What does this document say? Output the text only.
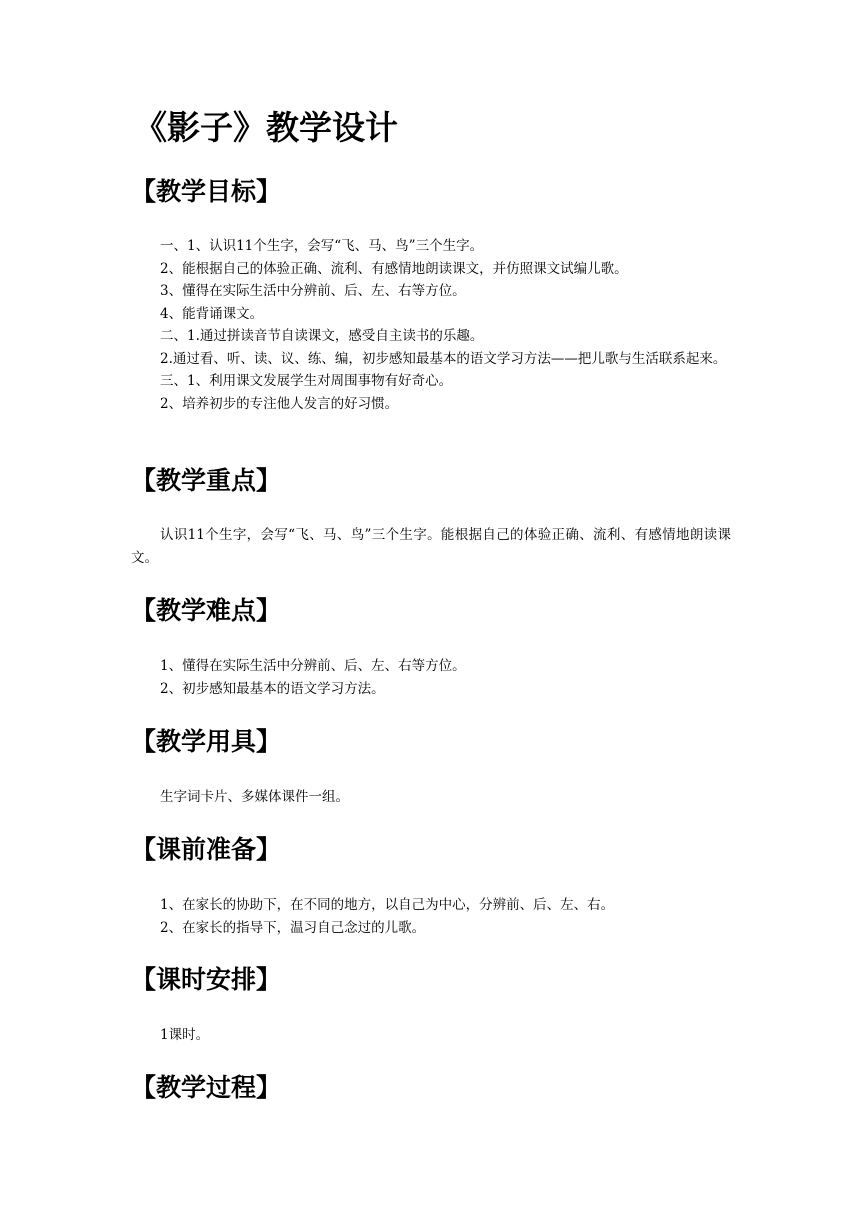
《影子》教学设计
【教学目标】

一、1、认识11个生字，会写“飞、马、鸟”三个生字。

2、能根据自己的体验正确、流利、有感情地朗读课文，并仿照课文试编儿歌。

3、懂得在实际生活中分辨前、后、左、右等方位。

4、能背诵课文。

二、1.通过拼读音节自读课文，感受自主读书的乐趣。

2.通过看、听、读、议、练、编，初步感知最基本的语文学习方法——把儿歌与生活联系起来。

三、1、利用课文发展学生对周围事物有好奇心。

2、培养初步的专注他人发言的好习惯。

【教学重点】

认识11个生字，会写“飞、马、鸟”三个生字。能根据自己的体验正确、流利、有感情地朗读课文。

【教学难点】

1、懂得在实际生活中分辨前、后、左、右等方位。

2、初步感知最基本的语文学习方法。

【教学用具】

生字词卡片、多媒体课件一组。

【课前准备】

1、在家长的协助下，在不同的地方，以自己为中心，分辨前、后、左、右。

2、在家长的指导下，温习自己念过的儿歌。

【课时安排】

1课时。

【教学过程】
